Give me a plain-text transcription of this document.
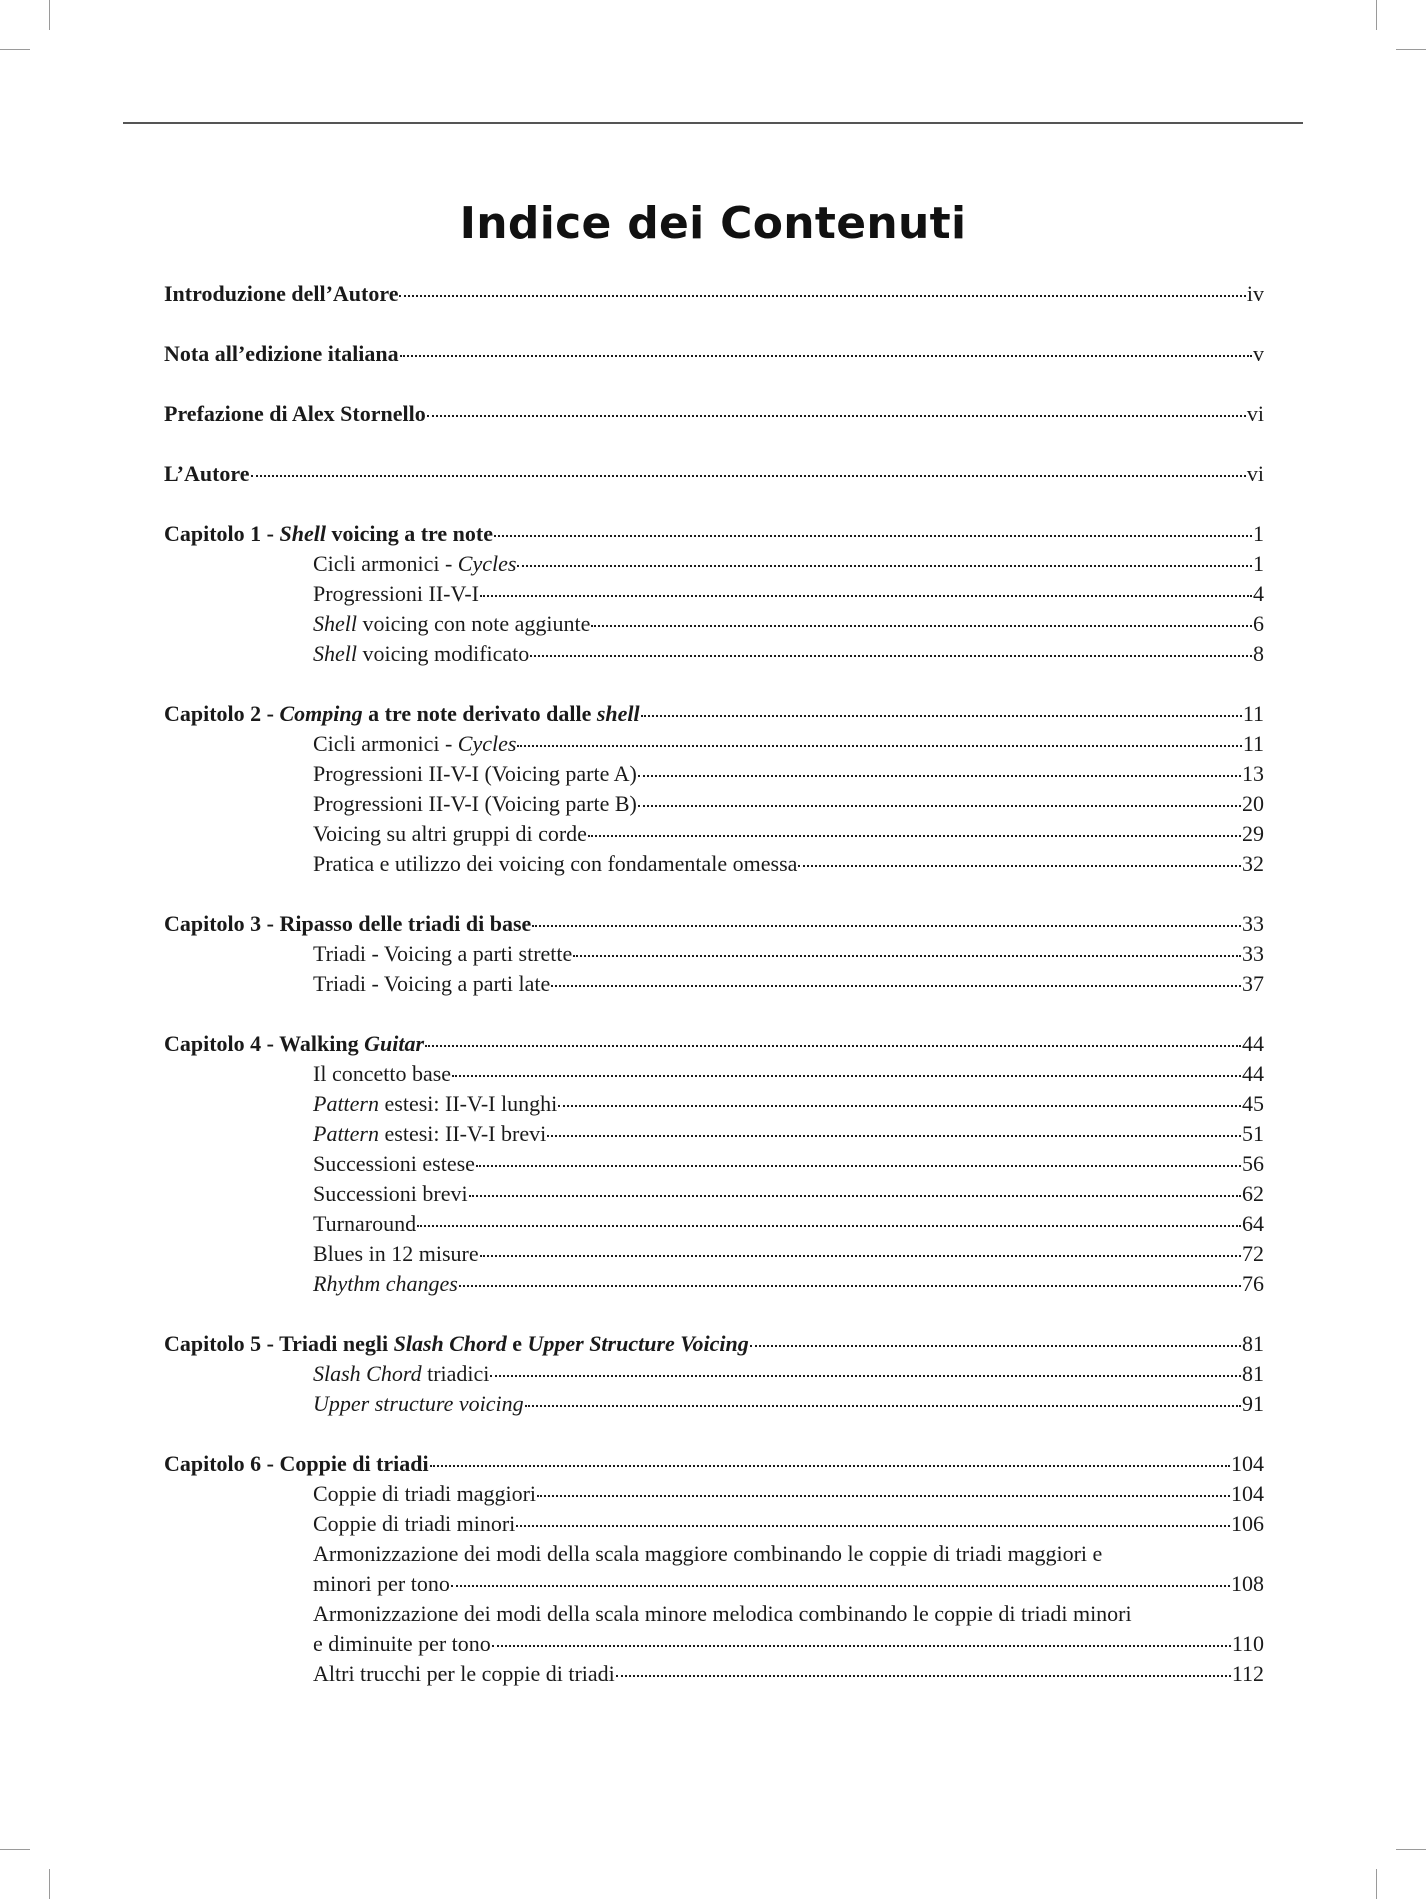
Indice dei Contenuti
Introduzione dell’Autore	iv
Nota all’edizione italiana	v
Prefazione di Alex Stornello	vi
L’Autore	vi
Capitolo 1 - Shell voicing a tre note	1
Cicli armonici - Cycles	1
Progressioni II-V-I	4
Shell voicing con note aggiunte	6
Shell voicing modificato	8
Capitolo 2 - Comping a tre note derivato dalle shell	11
Cicli armonici - Cycles	11
Progressioni II-V-I (Voicing parte A)	13
Progressioni II-V-I (Voicing parte B)	20
Voicing su altri gruppi di corde	29
Pratica e utilizzo dei voicing con fondamentale omessa	32
Capitolo 3 - Ripasso delle triadi di base	33
Triadi - Voicing a parti strette	33
Triadi - Voicing a parti late	37
Capitolo 4 - Walking Guitar	44
Il concetto base	44
Pattern estesi: II-V-I lunghi	45
Pattern estesi: II-V-I brevi	51
Successioni estese	56
Successioni brevi	62
Turnaround	64
Blues in 12 misure	72
Rhythm changes	76
Capitolo 5 - Triadi negli Slash Chord e Upper Structure Voicing	81
Slash Chord triadici	81
Upper structure voicing	91
Capitolo 6 - Coppie di triadi	104
Coppie di triadi maggiori	104
Coppie di triadi minori	106
Armonizzazione dei modi della scala maggiore combinando le coppie di triadi maggiori e
minori per tono	108
Armonizzazione dei modi della scala minore melodica combinando le coppie di triadi minori
e diminuite per tono	110
Altri trucchi per le coppie di triadi	112
